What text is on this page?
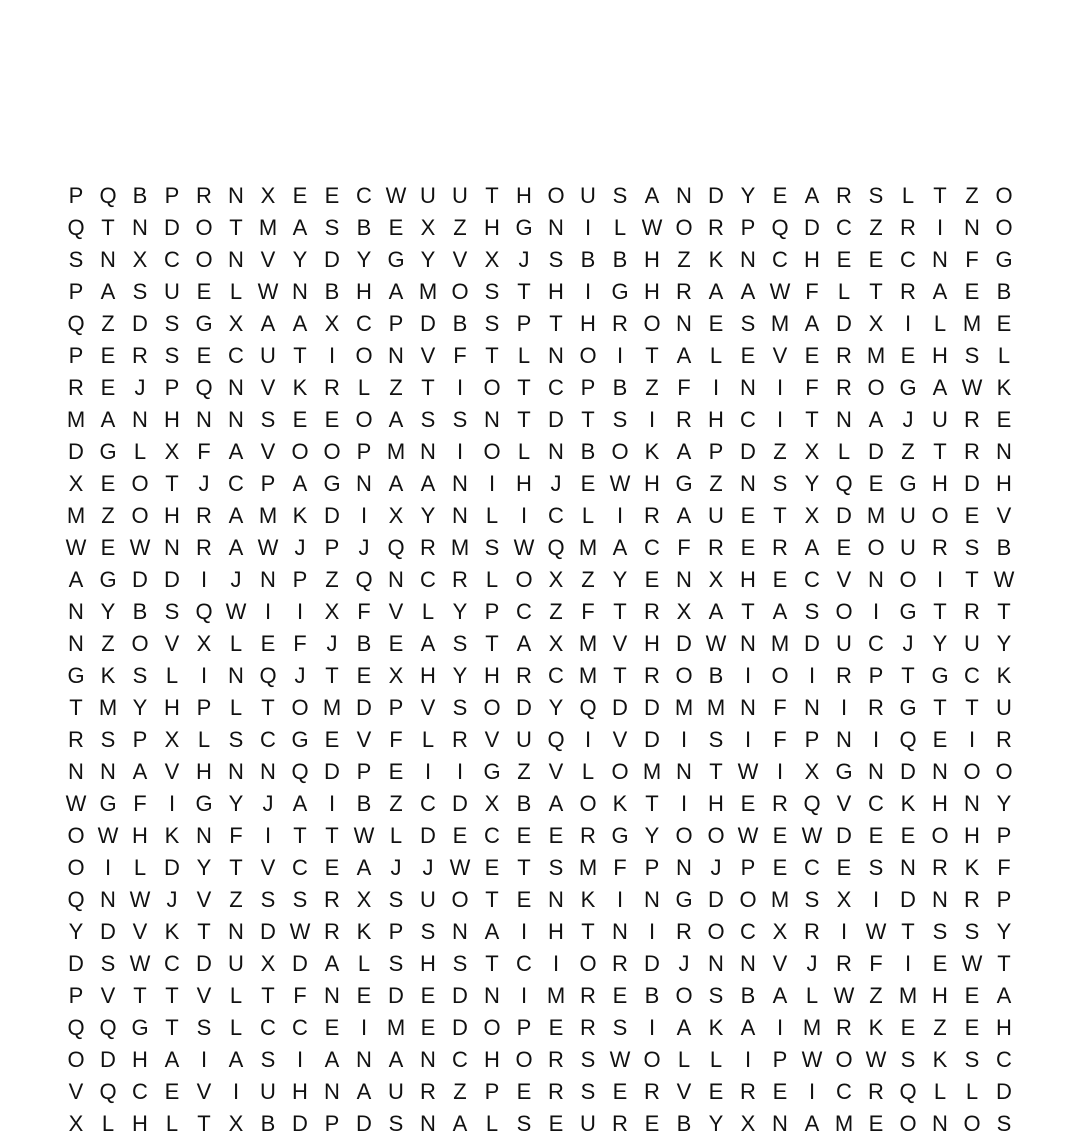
P Q B P R N X E E C W U U T H O U S A N D Y E A R S L T Z O
Q T N D O T M A S B E X Z H G N I	L W O R P Q D C Z R I N O
S N X C O N V Y D Y G Y V X J S B B H Z K N C H E E C N F G
P A S U E L W N B H A M O S T H I G H R A A W F L T R A E B
Q Z D S G X A A X C P D B S P T H R O N E S M A D X I	L M E
P E R S E C U T	I O N V F T L N O I	T A L E V E R M E H S L
R E J P Q N V K R L Z T	I O T C P B Z F	I N I	F R O G A W K
M A N H N N S E E O A S S N T D T S I R H C I	T N A J U R E
D G L X F A V O O P M N I O L N B O K A P D Z X L D Z T R N
X E O T J C P A G N A A N I H J E W H G Z N S Y Q E G H D H
M Z O H R A M K D I X Y N L	I C L	I R A U E T X D M U O E V
W E W N R A W J P J Q R M S W Q M A C F R E R A E O U R S B
A G D D I	J N P Z Q N C R L O X Z Y E N X H E C V N O I	T W
N Y B S Q W I	I X F V L Y P C Z F T R X A T A S O I G T R T
N Z O V X L E F J B E A S T A X M V H D W N M D U C J Y U Y
G K S L	I N Q J T E X H Y H R C M T R O B I O I R P T G C K
T M Y H P L T O M D P V S O D Y Q D D M M N F N I R G T T U
R S P X L S C G E V F L R V U Q I V D I S I	F P N I Q E I R
N N A V H N N Q D P E I	I G Z V L O M N T W I X G N D N O O
W G F	I G Y J A I B Z C D X B A O K T	I H E R Q V C K H N Y
O W H K N F	I	T T W L D E C E E R G Y O O W E W D E E O H P
O I	L D Y T V C E A J J W E T S M F P N J P E C E S N R K F
Q N W J V Z S S R X S U O T E N K I N G D O M S X I D N R P
Y D V K T N D W R K P S N A I H T N I R O C X R I W T S S Y
D S W C D U X D A L S H S T C I O R D J N N V J R F	I E W T
P V T T V L T F N E D E D N I M R E B O S B A L W Z M H E A
Q Q G T S L C C E I M E D O P E R S I A K A I M R K E Z E H
O D H A I A S I A N A N C H O R S W O L L	I P W O W S K S C
V Q C E V I U H N A U R Z P E R S E R V E R E I C R Q L L D
X L H L T X B D P D S N A L S E U R E B Y X N A M E O N O S
